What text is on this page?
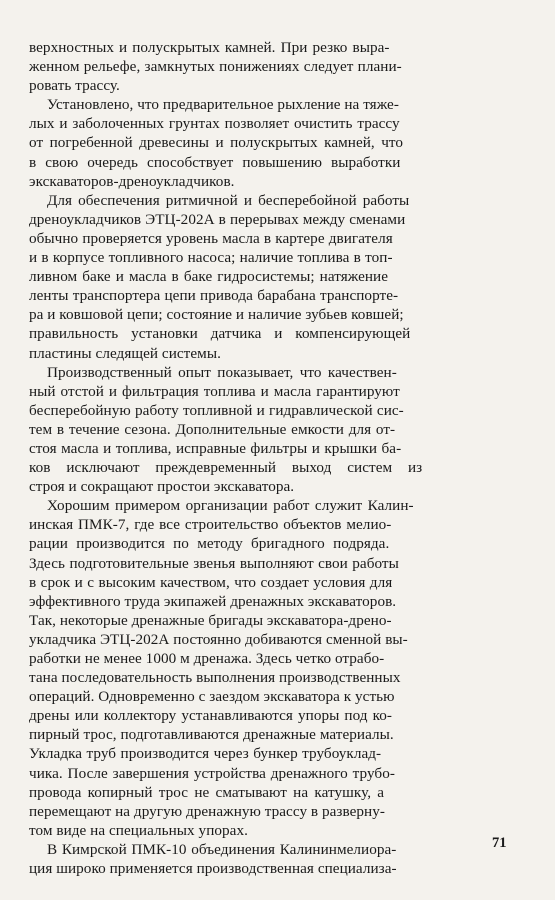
верхностных и полускрытых камней. При резко выра-
женном рельефе, замкнутых понижениях следует плани-
ровать трассу.
Установлено, что предварительное рыхление на тяже-
лых и заболоченных грунтах позволяет очистить трассу
от погребенной древесины и полускрытых камней, что
в свою очередь способствует повышению выработки
экскаваторов-дреноукладчиков.
Для обеспечения ритмичной и бесперебойной работы
дреноукладчиков ЭТЦ-202А в перерывах между сменами
обычно проверяется уровень масла в картере двигателя
и в корпусе топливного насоса; наличие топлива в топ-
ливном баке и масла в баке гидросистемы; натяжение
ленты транспортера цепи привода барабана транспорте-
ра и ковшовой цепи; состояние и наличие зубьев ковшей;
правильность установки датчика и компенсирующей
пластины следящей системы.
Производственный опыт показывает, что качествен-
ный отстой и фильтрация топлива и масла гарантируют
бесперебойную работу топливной и гидравлической сис-
тем в течение сезона. Дополнительные емкости для от-
стоя масла и топлива, исправные фильтры и крышки ба-
ков исключают преждевременный выход систем из
строя и сокращают простои экскаватора.
Хорошим примером организации работ служит Калин-
инская ПМК-7, где все строительство объектов мелио-
рации производится по методу бригадного подряда.
Здесь подготовительные звенья выполняют свои работы
в срок и с высоким качеством, что создает условия для
эффективного труда экипажей дренажных экскаваторов.
Так, некоторые дренажные бригады экскаватора-дрено-
укладчика ЭТЦ-202А постоянно добиваются сменной вы-
работки не менее 1000 м дренажа. Здесь четко отрабо-
тана последовательность выполнения производственных
операций. Одновременно с заездом экскаватора к устью
дрены или коллектору устанавливаются упоры под ко-
пирный трос, подготавливаются дренажные материалы.
Укладка труб производится через бункер трубоуклад-
чика. После завершения устройства дренажного трубо-
провода копирный трос не сматывают на катушку, а
перемещают на другую дренажную трассу в разверну-
том виде на специальных упорах.
В Кимрской ПМК-10 объединения Калининмелиора-
ция широко применяется производственная специализа-
71
